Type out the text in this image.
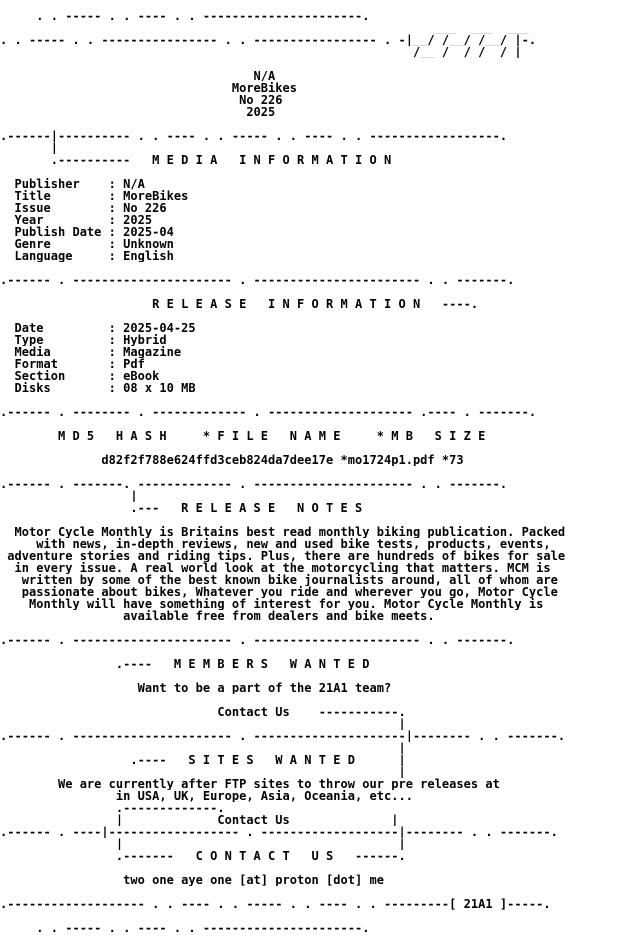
. . ----- . . ---- . . ----------------------.
___  ___  ___
. . ----- . . ---------------- . . ----------------- . -|__/ /__/ /__/ |-.
/__ /  / /  / |
N/A
MoreBikes
No 226
2025
.------|---------- . . ---- . . ----- . . ---- . . ------------------.
|
.----------   M E D I A   I N F O R M A T I O N
Publisher    : N/A
Title        : MoreBikes
Issue        : No 226
Year         : 2025
Publish Date : 2025-04
Genre        : Unknown
Language     : English
.------ . ---------------------- . ----------------------- . . -------.
R E L E A S E   I N F O R M A T I O N   ----.
Date         : 2025-04-25
Type         : Hybrid
Media        : Magazine
Format       : Pdf
Section      : eBook
Disks        : 08 x 10 MB
.------ . -------- . ------------- . -------------------- .---- . -------.
M D 5   H A S H     * F I L E   N A M E     * M B   S I Z E
d82f2f788e624ffd3ceb824da7dee17e *mo1724p1.pdf *73
.------ . -------. ------------- . ---------------------- . . -------.
|
.---   R E L E A S E   N O T E S
Motor Cycle Monthly is Britains best read monthly biking publication. Packed
with news, in-depth reviews, new and used bike tests, products, events,
adventure stories and riding tips. Plus, there are hundreds of bikes for sale
in every issue. A real world look at the motorcycling that matters. MCM is
written by some of the best known bike journalists around, all of whom are
passionate about bikes, Whatever you ride and wherever you go, Motor Cycle
Monthly will have something of interest for you. Motor Cycle Monthly is
available free from dealers and bike meets.
.------ . ---------------------- . ----------------------- . . -------.
.----   M E M B E R S   W A N T E D
Want to be a part of the 21A1 team?
Contact Us    -----------.
|
.------ . ---------------------- . ---------------------|-------- . . -------.
|
.----   S I T E S   W A N T E D      |
|
We are currently after FTP sites to throw our pre releases at
in USA, UK, Europe, Asia, Oceania, etc...
.-------------.
|             Contact Us              |
.------ . ----|------------------ . -------------------|-------- . . -------.
|                                      |
.-------   C O N T A C T   U S   ------.
two one aye one [at] proton [dot] me
.------------------- . . ---- . . ----- . . ---- . . ---------[ 21A1 ]-----.
. . ----- . . ---- . . ----------------------.
